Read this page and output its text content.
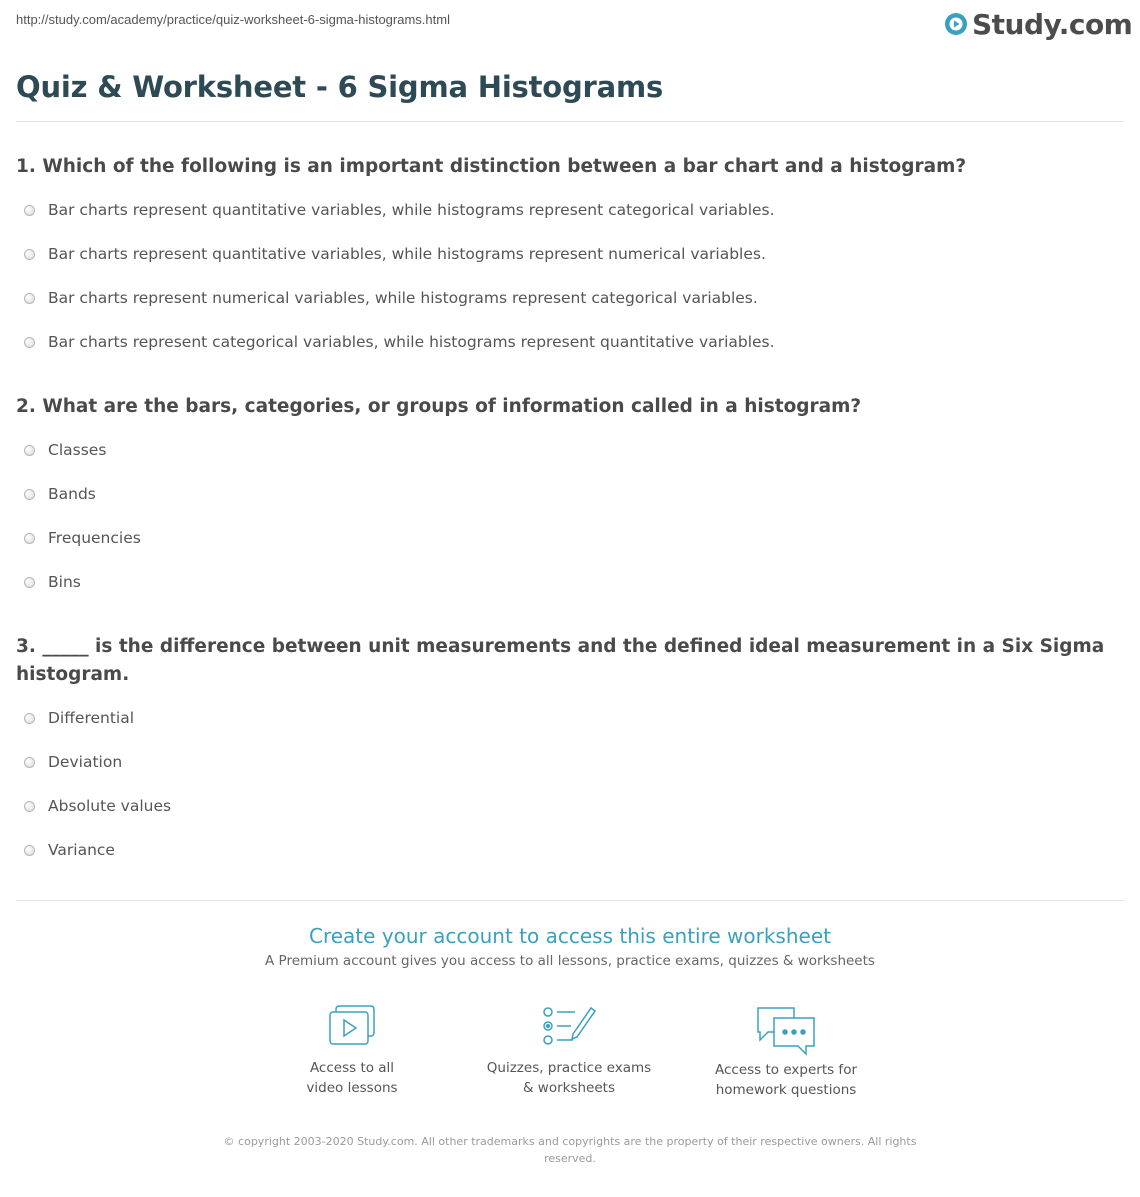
http://study.com/academy/practice/quiz-worksheet-6-sigma-histograms.html	Study.com
Quiz & Worksheet - 6 Sigma Histograms

1. Which of the following is an important distinction between a bar chart and a histogram?

Bar charts represent quantitative variables, while histograms represent categorical variables.
Bar charts represent quantitative variables, while histograms represent numerical variables.
Bar charts represent numerical variables, while histograms represent categorical variables.
Bar charts represent categorical variables, while histograms represent quantitative variables.

2. What are the bars, categories, or groups of information called in a histogram?

Classes
Bands
Frequencies
Bins

3. _____ is the difference between unit measurements and the defined ideal measurement in a Six Sigma histogram.

Differential
Deviation
Absolute values
Variance
Create your account to access this entire worksheet
A Premium account gives you access to all lessons, practice exams, quizzes & worksheets
Access to all
video lessons
Quizzes, practice exams
& worksheets
Access to experts for
homework questions
© copyright 2003-2020 Study.com. All other trademarks and copyrights are the property of their respective owners. All rights reserved.
